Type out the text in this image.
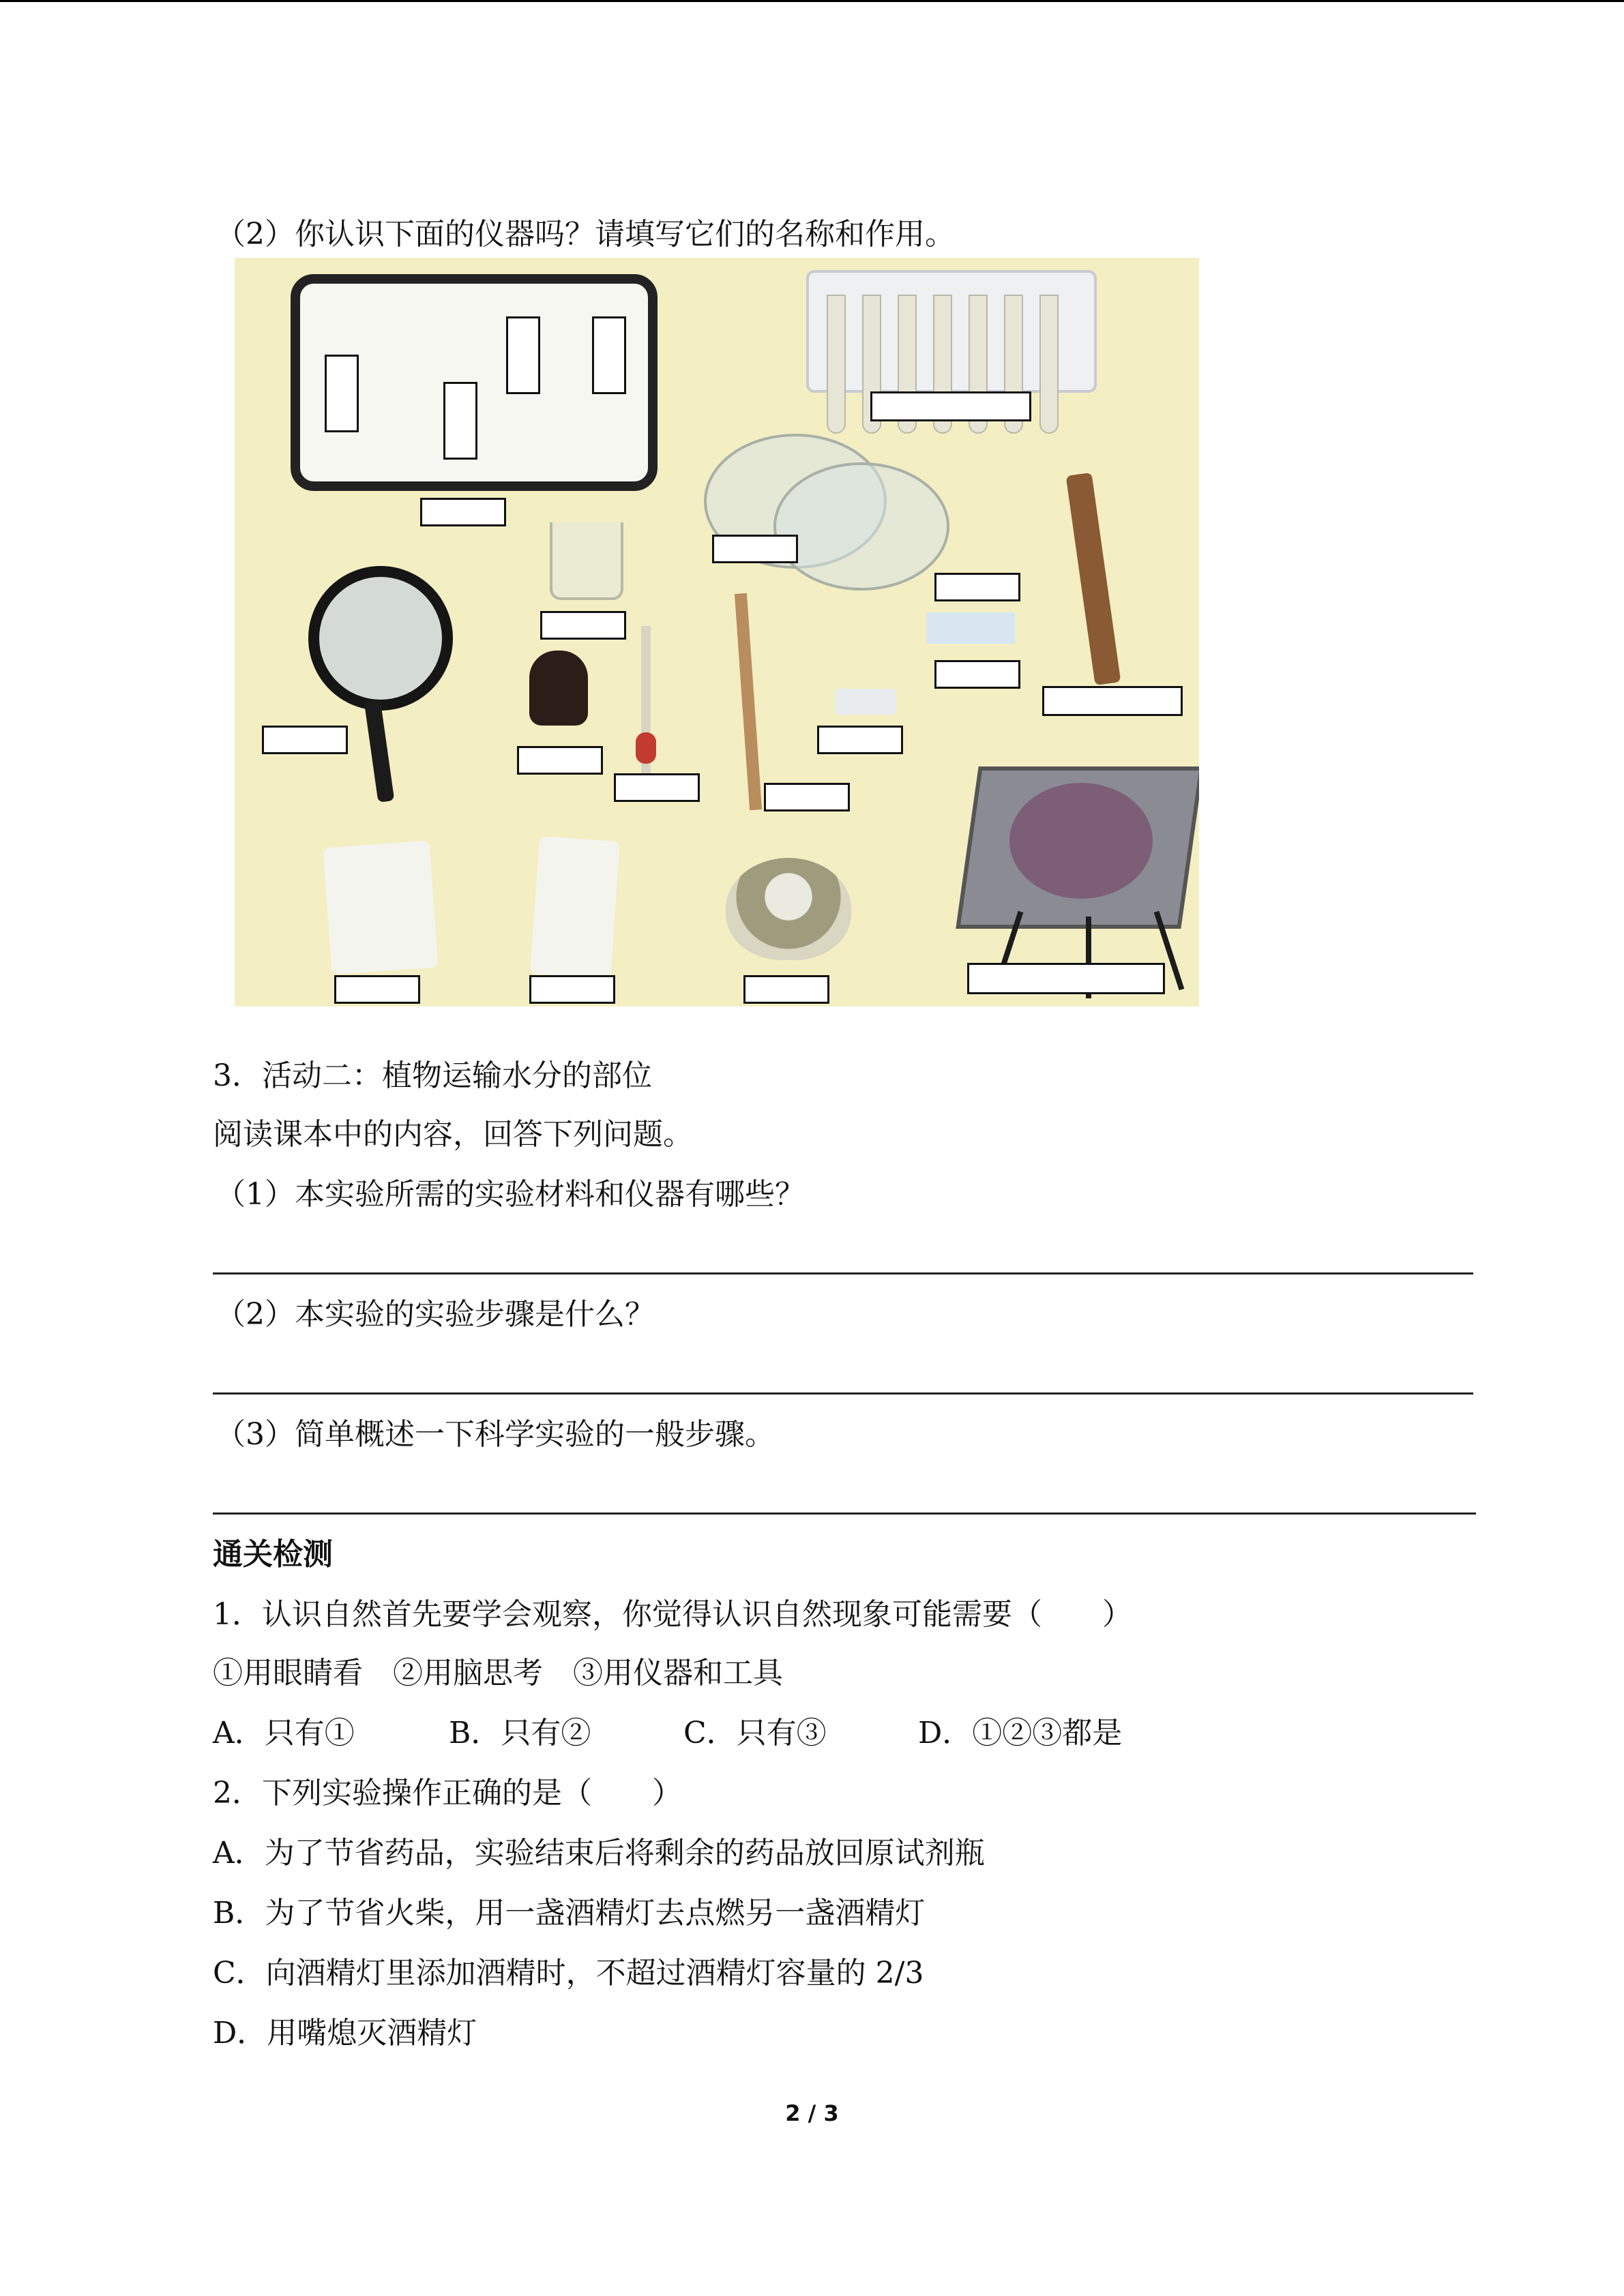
（2）你认识下面的仪器吗？请填写它们的名称和作用。
3．活动二：植物运输水分的部位
阅读课本中的内容，回答下列问题。
（1）本实验所需的实验材料和仪器有哪些？
（2）本实验的实验步骤是什么？
（3）简单概述一下科学实验的一般步骤。
通关检测
1．认识自然首先要学会观察，你觉得认识自然现象可能需要（　　）
①用眼睛看　②用脑思考　③用仪器和工具
A．只有①	B．只有②	C．只有③	D．①②③都是
2．下列实验操作正确的是（　　）
A．为了节省药品，实验结束后将剩余的药品放回原试剂瓶
B．为了节省火柴，用一盏酒精灯去点燃另一盏酒精灯
C．向酒精灯里添加酒精时，不超过酒精灯容量的 2/3
D．用嘴熄灭酒精灯
2 / 3
